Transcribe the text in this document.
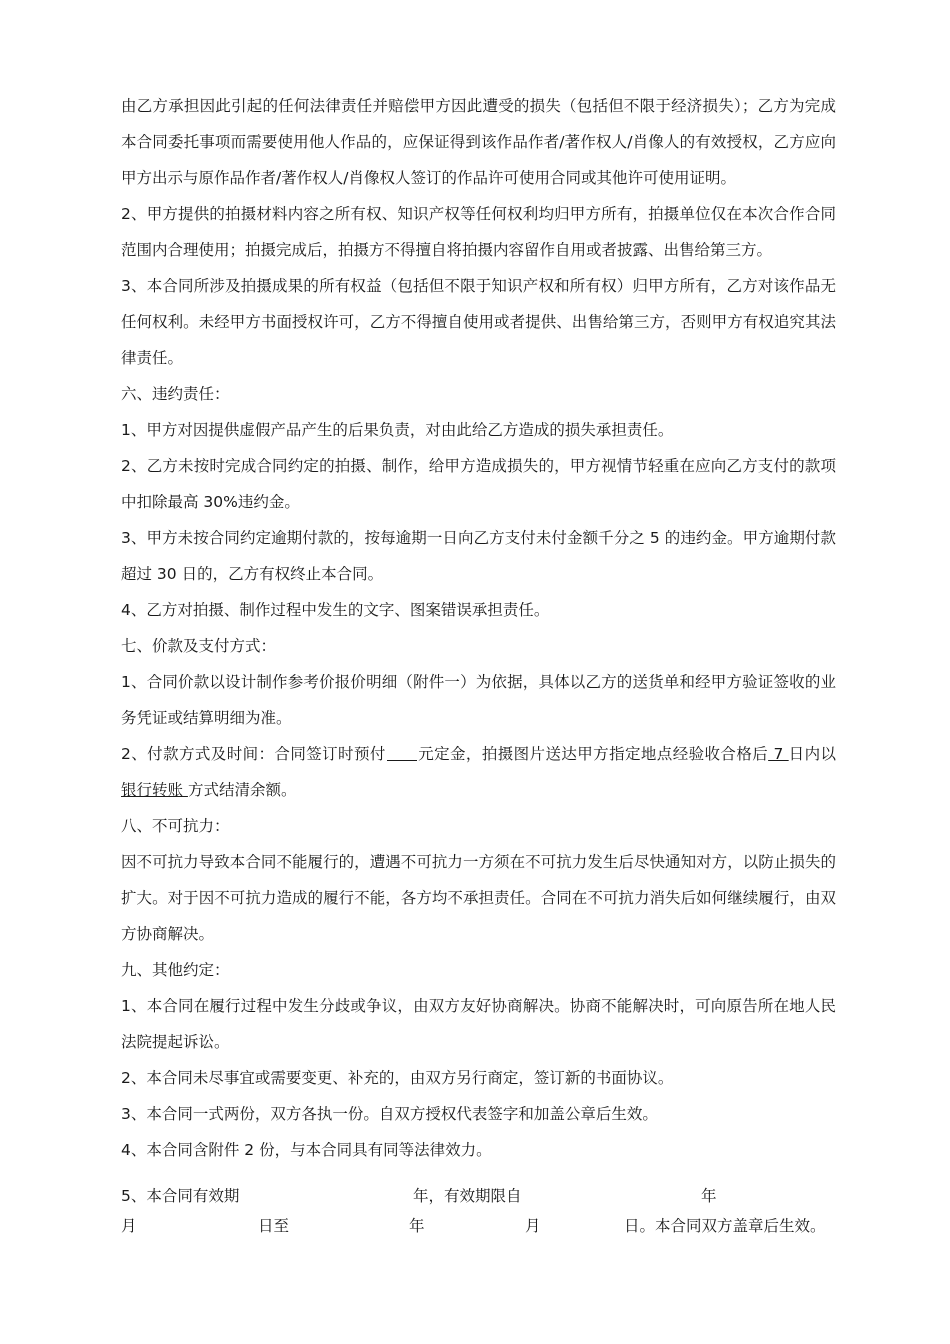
由乙方承担因此引起的任何法律责任并赔偿甲方因此遭受的损失（包括但不限于经济损失）；乙方为完成本合同委托事项而需要使用他人作品的，应保证得到该作品作者/著作权人/肖像人的有效授权，乙方应向甲方出示与原作品作者/著作权人/肖像权人签订的作品许可使用合同或其他许可使用证明。

2、甲方提供的拍摄材料内容之所有权、知识产权等任何权利均归甲方所有，拍摄单位仅在本次合作合同范围内合理使用；拍摄完成后，拍摄方不得擅自将拍摄内容留作自用或者披露、出售给第三方。

3、本合同所涉及拍摄成果的所有权益（包括但不限于知识产权和所有权）归甲方所有，乙方对该作品无任何权利。未经甲方书面授权许可，乙方不得擅自使用或者提供、出售给第三方，否则甲方有权追究其法律责任。

六、违约责任：

1、甲方对因提供虚假产品产生的后果负责，对由此给乙方造成的损失承担责任。

2、乙方未按时完成合同约定的拍摄、制作，给甲方造成损失的，甲方视情节轻重在应向乙方支付的款项中扣除最高 30%违约金。

3、甲方未按合同约定逾期付款的，按每逾期一日向乙方支付未付金额千分之 5 的违约金。甲方逾期付款超过 30 日的，乙方有权终止本合同。

4、乙方对拍摄、制作过程中发生的文字、图案错误承担责任。

七、价款及支付方式：

1、合同价款以设计制作参考价报价明细（附件一）为依据，具体以乙方的送货单和经甲方验证签收的业务凭证或结算明细为准。

2、付款方式及时间：合同签订时预付 元定金，拍摄图片送达甲方指定地点经验收合格后 7 日内以 银行转账 方式结清余额。

八、不可抗力：

因不可抗力导致本合同不能履行的，遭遇不可抗力一方须在不可抗力发生后尽快通知对方，以防止损失的扩大。对于因不可抗力造成的履行不能，各方均不承担责任。合同在不可抗力消失后如何继续履行，由双方协商解决。

九、其他约定：

1、本合同在履行过程中发生分歧或争议，由双方友好协商解决。协商不能解决时，可向原告所在地人民法院提起诉讼。

2、本合同未尽事宜或需要变更、补充的，由双方另行商定，签订新的书面协议。

3、本合同一式两份，双方各执一份。自双方授权代表签字和加盖公章后生效。

4、本合同含附件 2 份，与本合同具有同等法律效力。

5、本合同有效期	年，有效期限自	年
月	日至	年	月	日。本合同双方盖章后生效。
